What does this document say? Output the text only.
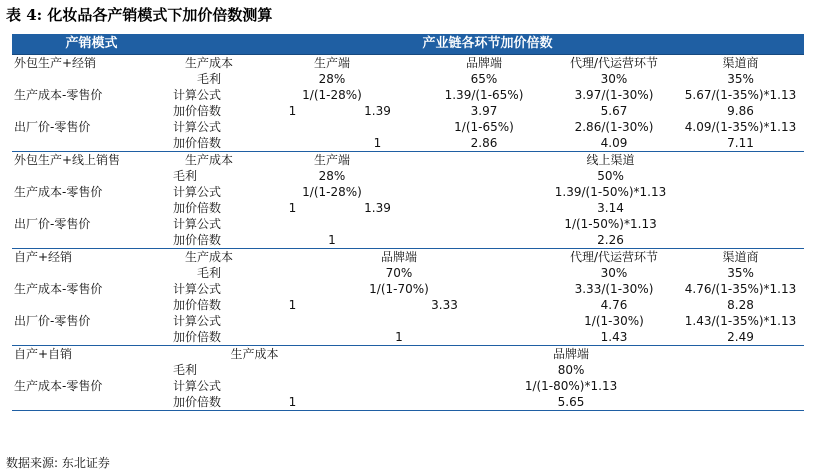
表 4: 化妆品各产销模式下加价倍数测算
产销模式	产业链各环节加价倍数					
外包生产+经销	生产成本	生产端		品牌端	代理/代运营环节	渠道商
	毛利	28%		65%	30%	35%
生产成本-零售价	计算公式	1/(1-28%)		1.39/(1-65%)	3.97/(1-30%)	5.67/(1-35%)*1.13
	加价倍数	1	1.39	3.97	5.67	9.86
出厂价-零售价	计算公式			1/(1-65%)	2.86/(1-30%)	4.09/(1-35%)*1.13
	加价倍数		1	2.86	4.09	7.11
外包生产+线上销售	生产成本	生产端		线上渠道		
	毛利	28%		50%		
生产成本-零售价	计算公式	1/(1-28%)		1.39/(1-50%)*1.13		
	加价倍数	1	1.39	3.14		
出厂价-零售价	计算公式			1/(1-50%)*1.13		
	加价倍数	1		2.26		
自产+经销	生产成本	品牌端			代理/代运营环节	渠道商
	毛利	70%			30%	35%
生产成本-零售价	计算公式	1/(1-70%)			3.33/(1-30%)	4.76/(1-35%)*1.13
	加价倍数	1	3.33		4.76	8.28
出厂价-零售价	计算公式				1/(1-30%)	1.43/(1-35%)*1.13
	加价倍数	1			1.43	2.49
自产+自销	生产成本		品牌端			
	毛利		80%			
生产成本-零售价	计算公式		1/(1-80%)*1.13			
	加价倍数	1	5.65			
数据来源: 东北证券
